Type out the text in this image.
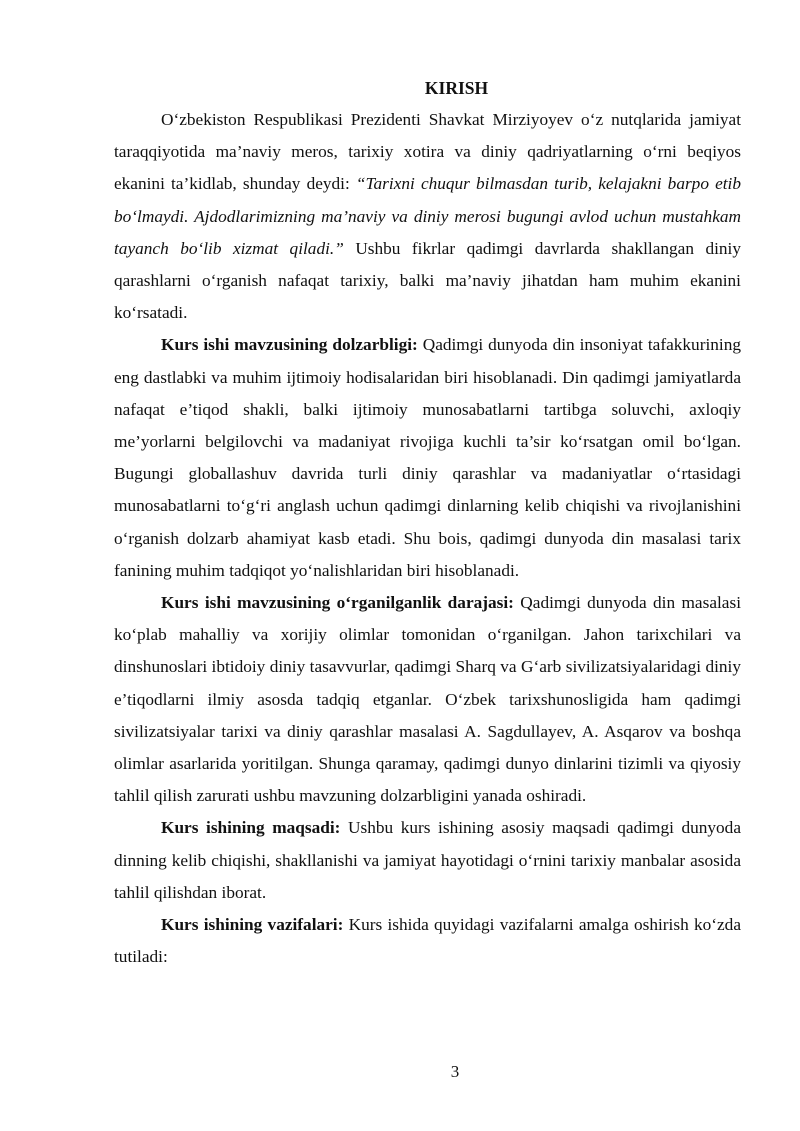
KIRISH

O‘zbekiston Respublikasi Prezidenti Shavkat Mirziyoyev o‘z nutqlarida jamiyat taraqqiyotida ma’naviy meros, tarixiy xotira va diniy qadriyatlarning o‘rni beqiyos ekanini ta’kidlab, shunday deydi: “Tarixni chuqur bilmasdan turib, kelajakni barpo etib bo‘lmaydi. Ajdodlarimizning ma’naviy va diniy merosi bugungi avlod uchun mustahkam tayanch bo‘lib xizmat qiladi.” Ushbu fikrlar qadimgi davrlarda shakllangan diniy qarashlarni o‘rganish nafaqat tarixiy, balki ma’naviy jihatdan ham muhim ekanini ko‘rsatadi.

Kurs ishi mavzusining dolzarbligi: Qadimgi dunyoda din insoniyat tafakkurining eng dastlabki va muhim ijtimoiy hodisalaridan biri hisoblanadi. Din qadimgi jamiyatlarda nafaqat e’tiqod shakli, balki ijtimoiy munosabatlarni tartibga soluvchi, axloqiy me’yorlarni belgilovchi va madaniyat rivojiga kuchli ta’sir ko‘rsatgan omil bo‘lgan. Bugungi globallashuv davrida turli diniy qarashlar va madaniyatlar o‘rtasidagi munosabatlarni to‘g‘ri anglash uchun qadimgi dinlarning kelib chiqishi va rivojlanishini o‘rganish dolzarb ahamiyat kasb etadi. Shu bois, qadimgi dunyoda din masalasi tarix fanining muhim tadqiqot yo‘nalishlaridan biri hisoblanadi.

Kurs ishi mavzusining o‘rganilganlik darajasi: Qadimgi dunyoda din masalasi ko‘plab mahalliy va xorijiy olimlar tomonidan o‘rganilgan. Jahon tarixchilari va dinshunoslari ibtidoiy diniy tasavvurlar, qadimgi Sharq va G‘arb sivilizatsiyalaridagi diniy e’tiqodlarni ilmiy asosda tadqiq etganlar. O‘zbek tarixshunosligida ham qadimgi sivilizatsiyalar tarixi va diniy qarashlar masalasi A. Sagdullayev, A. Asqarov va boshqa olimlar asarlarida yoritilgan. Shunga qaramay, qadimgi dunyo dinlarini tizimli va qiyosiy tahlil qilish zarurati ushbu mavzuning dolzarbligini yanada oshiradi.

Kurs ishining maqsadi: Ushbu kurs ishining asosiy maqsadi qadimgi dunyoda dinning kelib chiqishi, shakllanishi va jamiyat hayotidagi o‘rnini tarixiy manbalar asosida tahlil qilishdan iborat.

Kurs ishining vazifalari: Kurs ishida quyidagi vazifalarni amalga oshirish ko‘zda tutiladi:

3
